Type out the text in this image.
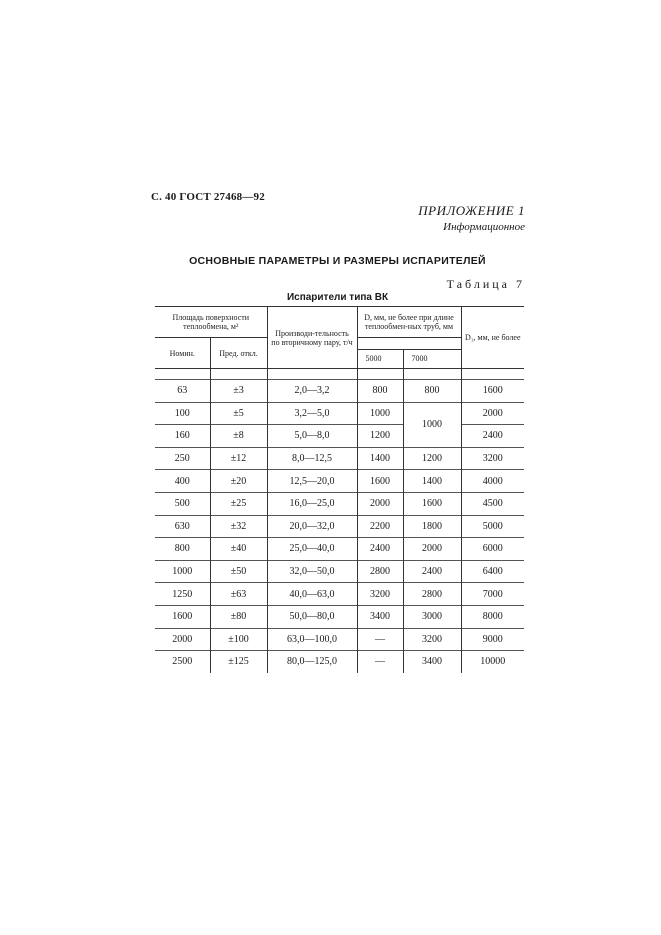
С. 40 ГОСТ 27468—92
ПРИЛОЖЕНИЕ 1
Информационное
ОСНОВНЫЕ ПАРАМЕТРЫ И РАЗМЕРЫ ИСПАРИТЕЛЕЙ
Таблица 7
Испарители типа ВК
Площадь поверхности теплообмена, м²		Производи-тельность по вторичному пару, т/ч	D, мм, не более при длине теплообмен-ных труб, мм		D₁, мм, не более
Номин.	Пред. откл.				
			5000	7000	

63	±3	2,0—3,2	800	800	1600
100	±5	3,2—5,0	1000	1000	2000
160	±8	5,0—8,0	1200		2400
250	±12	8,0—12,5	1400	1200	3200
400	±20	12,5—20,0	1600	1400	4000
500	±25	16,0—25,0	2000	1600	4500
630	±32	20,0—32,0	2200	1800	5000
800	±40	25,0—40,0	2400	2000	6000
1000	±50	32,0—50,0	2800	2400	6400
1250	±63	40,0—63,0	3200	2800	7000
1600	±80	50,0—80,0	3400	3000	8000
2000	±100	63,0—100,0	—	3200	9000
2500	±125	80,0—125,0	—	3400	10000
